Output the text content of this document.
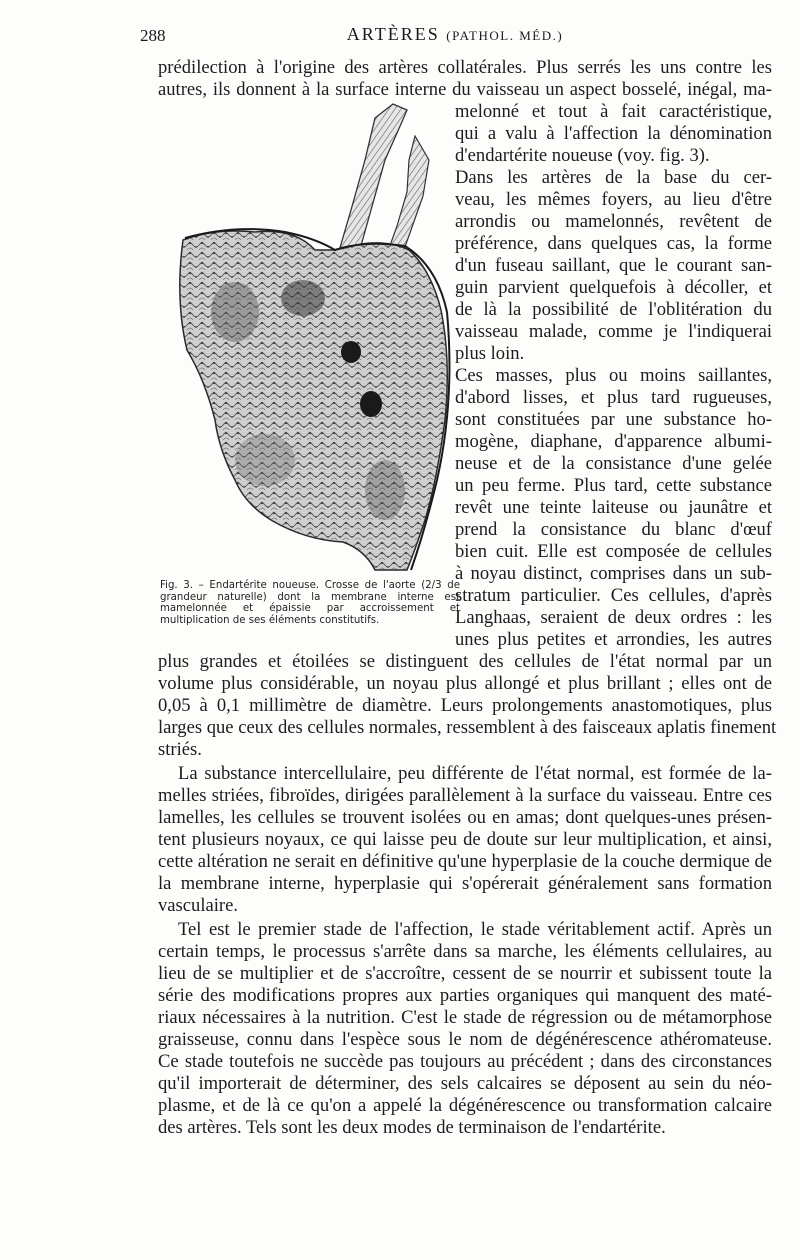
288	ARTÈRES (PATHOL. MÉD.)
prédilection à l'origine des artères collatérales. Plus serrés les uns contre les
autres, ils donnent à la surface interne du vaisseau un aspect bosselé, inégal, ma-
melonné et tout à fait caractéristique,
qui a valu à l'affection la dénomination
d'endartérite noueuse (voy. fig. 3).
Dans les artères de la base du cer-
veau, les mêmes foyers, au lieu d'être
arrondis ou mamelonnés, revêtent de
préférence, dans quelques cas, la forme
d'un fuseau saillant, que le courant san-
guin parvient quelquefois à décoller, et
de là la possibilité de l'oblitération du
vaisseau malade, comme je l'indiquerai
plus loin.
Ces masses, plus ou moins saillantes,
d'abord lisses, et plus tard rugueuses,
sont constituées par une substance ho-
mogène, diaphane, d'apparence albumi-
neuse et de la consistance d'une gelée
un peu ferme. Plus tard, cette substance
revêt une teinte laiteuse ou jaunâtre et
prend la consistance du blanc d'œuf
bien cuit. Elle est composée de cellules
à noyau distinct, comprises dans un sub-
stratum particulier. Ces cellules, d'après
Langhaas, seraient de deux ordres : les
unes plus petites et arrondies, les autres
Fig. 3. – Endartérite noueuse. Crosse de l'aorte (2/3 de grandeur naturelle) dont la membrane interne est mamelonnée et épaissie par accroissement et multiplication de ses éléments constitutifs.
plus grandes et étoilées se distinguent des cellules de l'état normal par un
volume plus considérable, un noyau plus allongé et plus brillant ; elles ont de
0,05 à 0,1 millimètre de diamètre. Leurs prolongements anastomotiques, plus
larges que ceux des cellules normales, ressemblent à des faisceaux aplatis finement
striés.
La substance intercellulaire, peu différente de l'état normal, est formée de la-
melles striées, fibroïdes, dirigées parallèlement à la surface du vaisseau. Entre ces
lamelles, les cellules se trouvent isolées ou en amas; dont quelques-unes présen-
tent plusieurs noyaux, ce qui laisse peu de doute sur leur multiplication, et ainsi,
cette altération ne serait en définitive qu'une hyperplasie de la couche dermique de
la membrane interne, hyperplasie qui s'opérerait généralement sans formation
vasculaire.
Tel est le premier stade de l'affection, le stade véritablement actif. Après un
certain temps, le processus s'arrête dans sa marche, les éléments cellulaires, au
lieu de se multiplier et de s'accroître, cessent de se nourrir et subissent toute la
série des modifications propres aux parties organiques qui manquent des maté-
riaux nécessaires à la nutrition. C'est le stade de régression ou de métamorphose
graisseuse, connu dans l'espèce sous le nom de dégénérescence athéromateuse.
Ce stade toutefois ne succède pas toujours au précédent ; dans des circonstances
qu'il importerait de déterminer, des sels calcaires se déposent au sein du néo-
plasme, et de là ce qu'on a appelé la dégénérescence ou transformation calcaire
des artères. Tels sont les deux modes de terminaison de l'endartérite.
